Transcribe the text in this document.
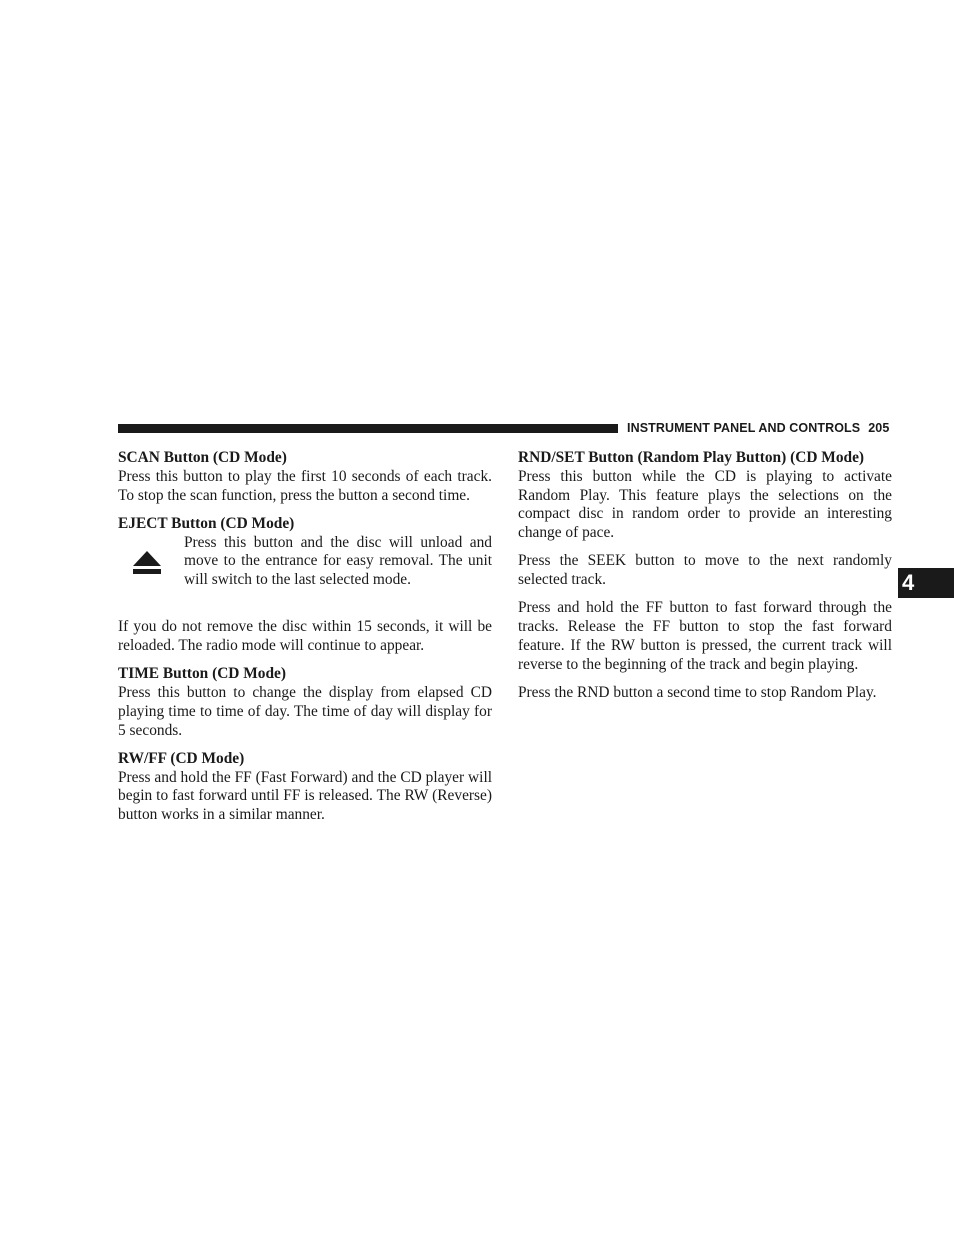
INSTRUMENT PANEL AND CONTROLS 205
SCAN Button (CD Mode)

Press this button to play the first 10 seconds of each track. To stop the scan function, press the button a second time.

EJECT Button (CD Mode)

Press this button and the disc will unload and move to the entrance for easy removal. The unit will switch to the last selected mode.

If you do not remove the disc within 15 seconds, it will be reloaded. The radio mode will continue to appear.

TIME Button (CD Mode)

Press this button to change the display from elapsed CD playing time to time of day. The time of day will display for 5 seconds.

RW/FF (CD Mode)

Press and hold the FF (Fast Forward) and the CD player will begin to fast forward until FF is released. The RW (Reverse) button works in a similar manner.

RND/SET Button (Random Play Button) (CD Mode)

Press this button while the CD is playing to activate Random Play. This feature plays the selections on the compact disc in random order to provide an interesting change of pace.

Press the SEEK button to move to the next randomly selected track.

Press and hold the FF button to fast forward through the tracks. Release the FF button to stop the fast forward feature. If the RW button is pressed, the current track will reverse to the beginning of the track and begin playing.

Press the RND button a second time to stop Random Play.

4
